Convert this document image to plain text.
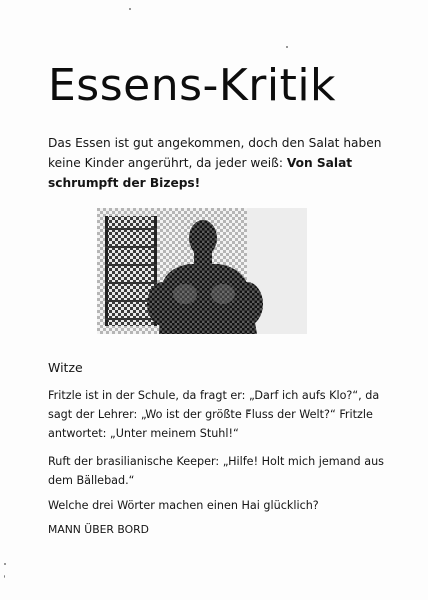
Essens-Kritik
Das Essen ist gut angekommen, doch den Salat haben keine Kinder angerührt, da jeder weiß: Von Salat schrumpft der Bizeps!
Witze
Fritzle ist in der Schule, da fragt er: „Darf ich aufs Klo?“, da sagt der Lehrer: „Wo ist der größte Fluss der Welt?“ Fritzle antwortet: „Unter meinem Stuhl!“
Ruft der brasilianische Keeper: „Hilfe! Holt mich jemand aus dem Bällebad.“
Welche drei Wörter machen einen Hai glücklich?
MANN ÜBER BORD
